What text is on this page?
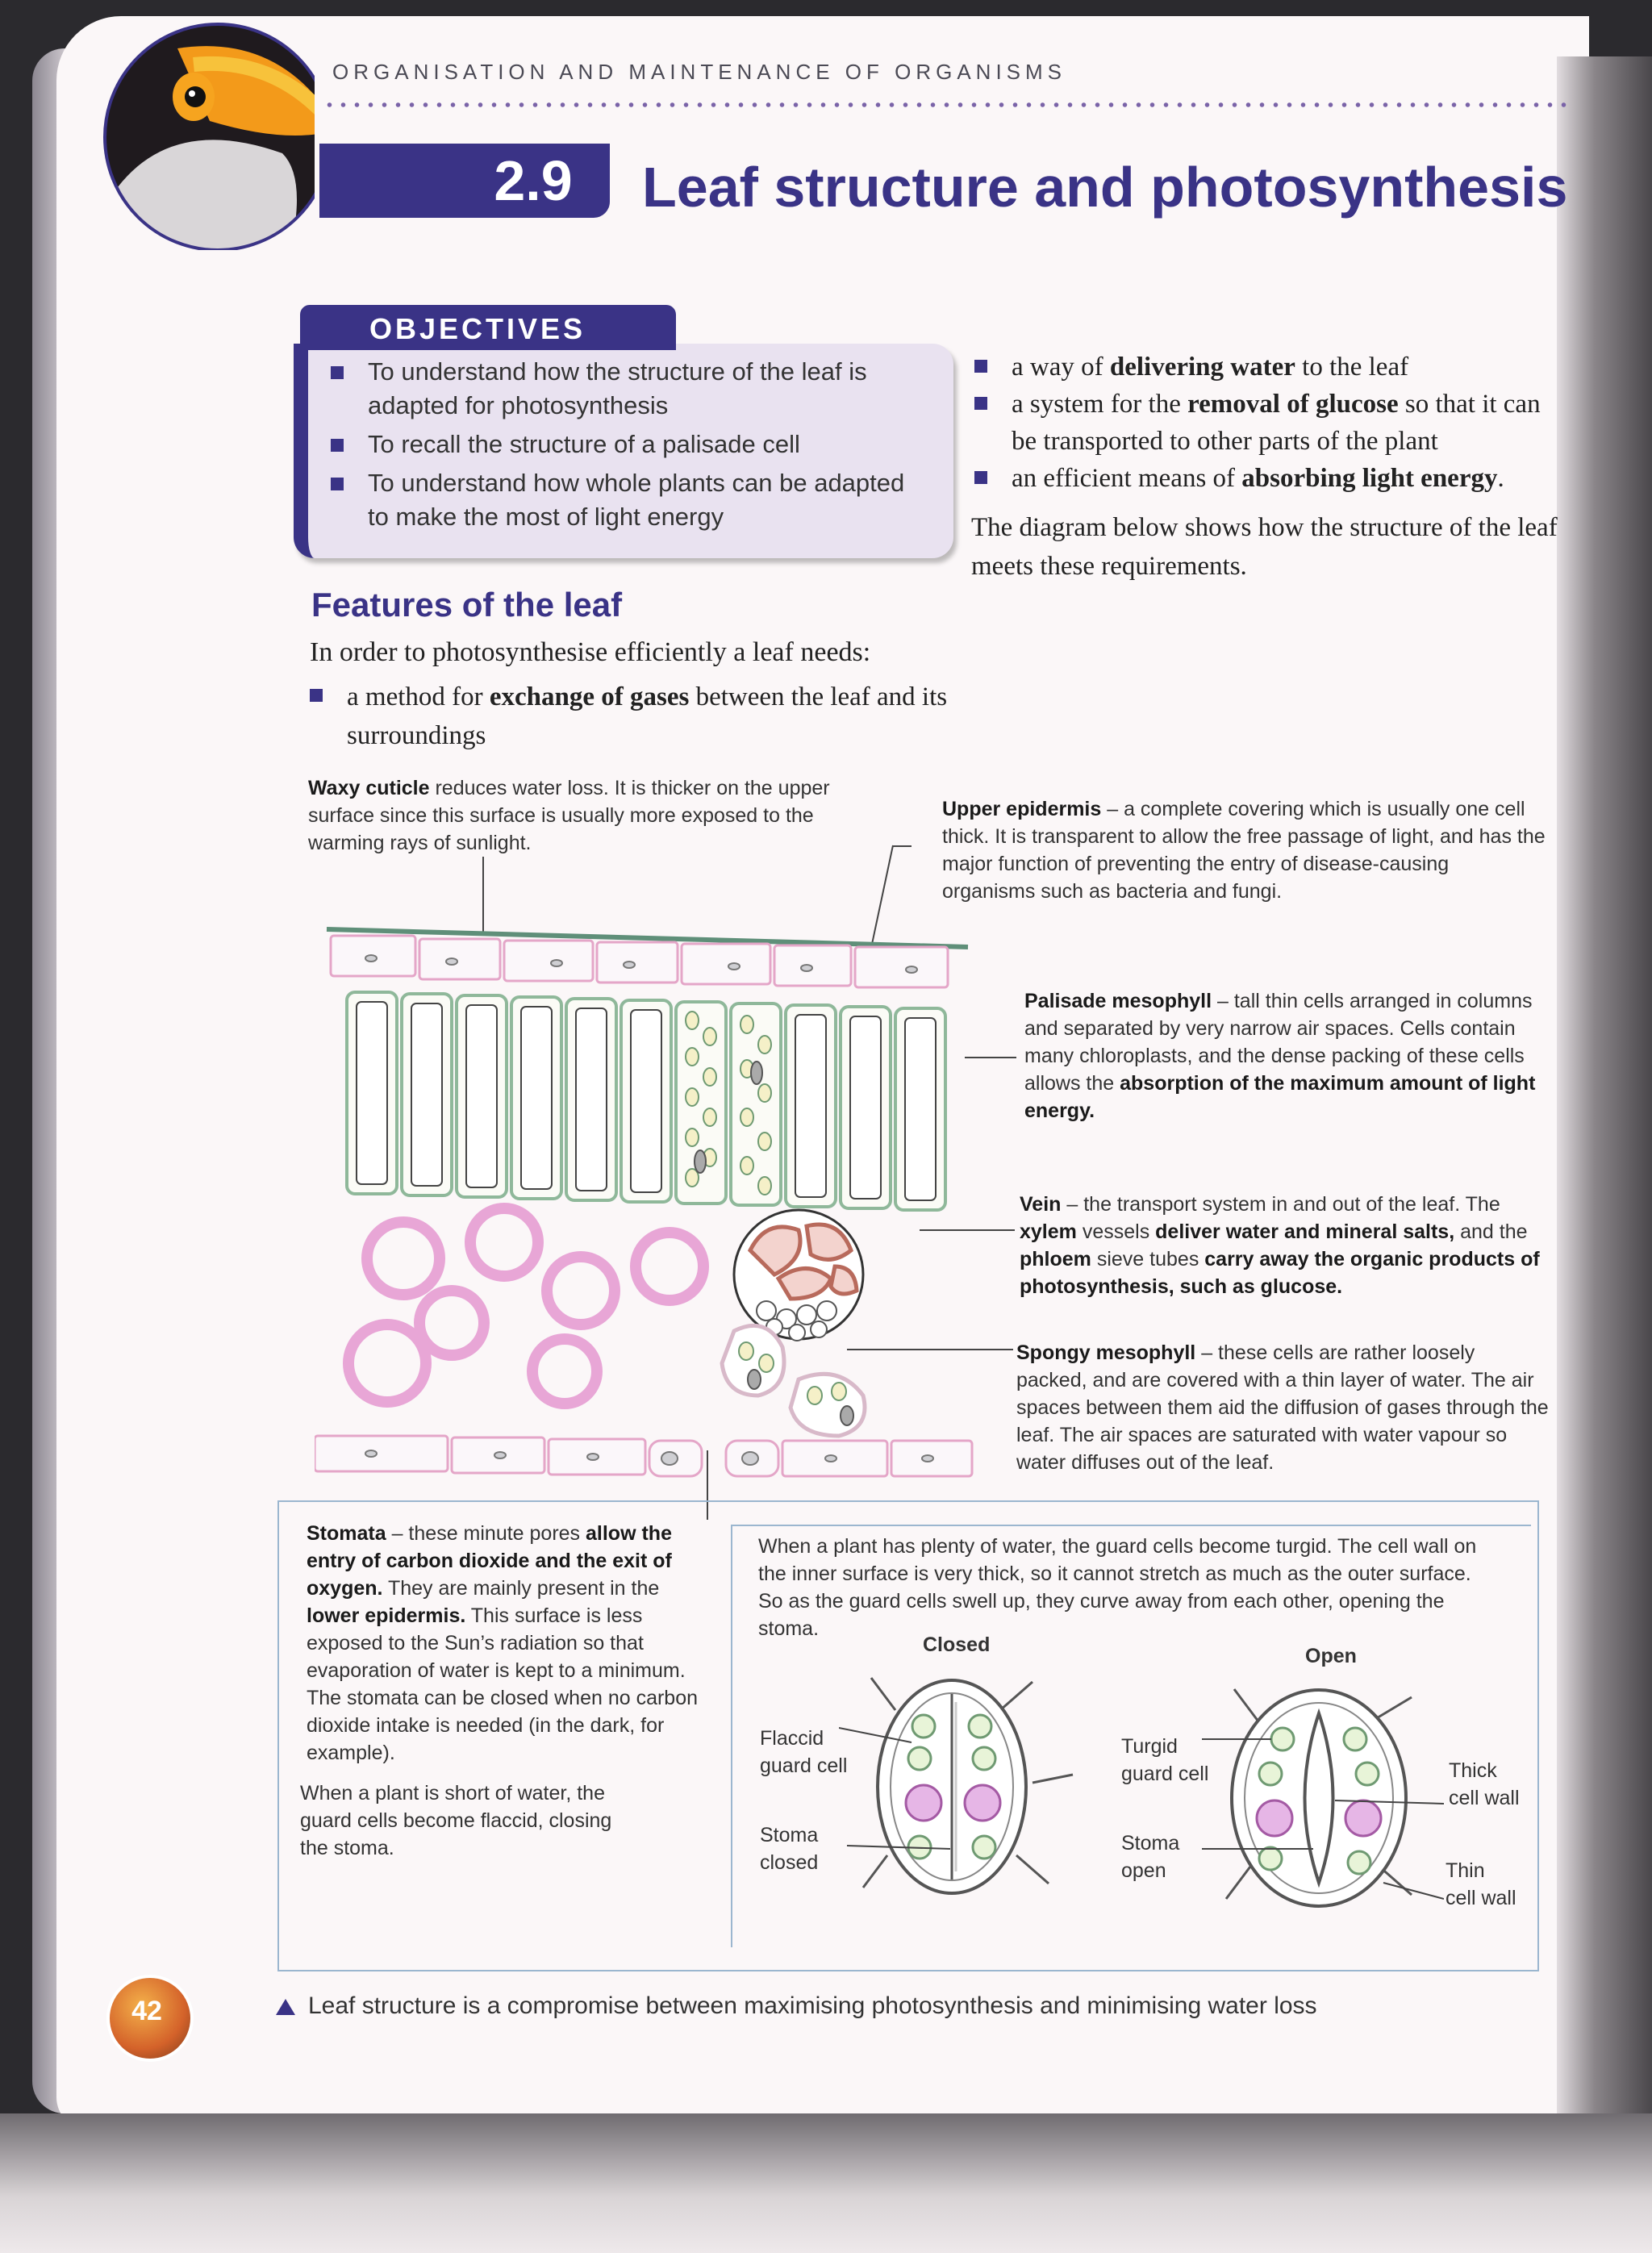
ORGANISATION AND MAINTENANCE OF ORGANISMS
2.9	Leaf structure and photosynthesis
OBJECTIVES
To understand how the structure of the leaf is adapted for photosynthesis
To recall the structure of a palisade cell
To understand how whole plants can be adapted to make the most of light energy
a way of delivering water to the leaf
a system for the removal of glucose so that it can be transported to other parts of the plant
an efficient means of absorbing light energy.
The diagram below shows how the structure of the leaf meets these requirements.
Features of the leaf
In order to photosynthesise efficiently a leaf needs:
a method for exchange of gases between the leaf and its surroundings
Waxy cuticle reduces water loss. It is thicker on the upper surface since this surface is usually more exposed to the warming rays of sunlight.
Upper epidermis – a complete covering which is usually one cell thick. It is transparent to allow the free passage of light, and has the major function of preventing the entry of disease-causing organisms such as bacteria and fungi.
Palisade mesophyll – tall thin cells arranged in columns and separated by very narrow air spaces. Cells contain many chloroplasts, and the dense packing of these cells allows the absorption of the maximum amount of light energy.
Vein – the transport system in and out of the leaf. The xylem vessels deliver water and mineral salts, and the phloem sieve tubes carry away the organic products of photosynthesis, such as glucose.
Spongy mesophyll – these cells are rather loosely packed, and are covered with a thin layer of water. The air spaces between them aid the diffusion of gases through the leaf. The air spaces are saturated with water vapour so water diffuses out of the leaf.
Stomata – these minute pores allow the entry of carbon dioxide and the exit of oxygen. They are mainly present in the lower epidermis. This surface is less exposed to the Sun’s radiation so that evaporation of water is kept to a minimum. The stomata can be closed when no carbon dioxide intake is needed (in the dark, for example).
When a plant is short of water, the guard cells become flaccid, closing the stoma.
When a plant has plenty of water, the guard cells become turgid. The cell wall on the inner surface is very thick, so it cannot stretch as much as the outer surface. So as the guard cells swell up, they curve away from each other, opening the stoma.
Closed	Open
Flaccid guard cell
Stoma closed
Turgid guard cell
Stoma open
Thick cell wall
Thin cell wall
Leaf structure is a compromise between maximising photosynthesis and minimising water loss
42
